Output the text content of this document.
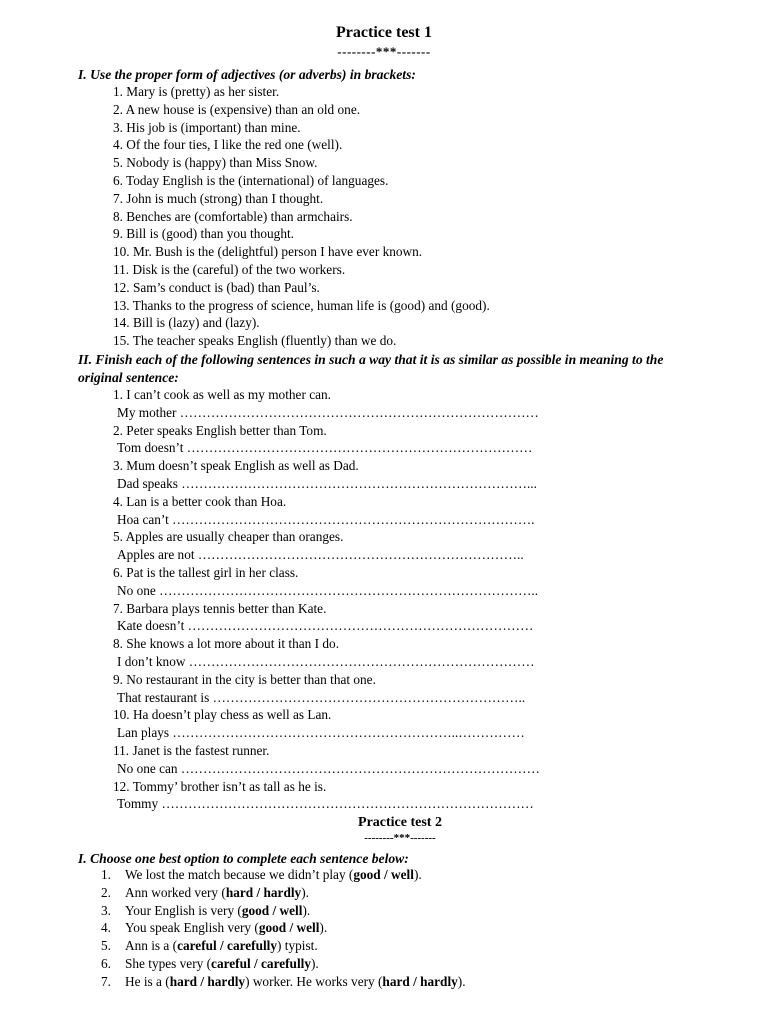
Practice test 1
--------***-------
I. Use the proper form of adjectives (or adverbs) in brackets:
1. Mary is (pretty) as her sister.
2. A new house is (expensive) than an old one.
3. His job is (important) than mine.
4. Of the four ties, I like the red one (well).
5. Nobody is (happy) than Miss Snow.
6. Today English is the (international) of languages.
7. John is much (strong) than I thought.
8. Benches are (comfortable) than armchairs.
9. Bill is (good) than you thought.
10. Mr. Bush is the (delightful) person I have ever known.
11. Disk is the (careful) of the two workers.
12. Sam’s conduct is (bad) than Paul’s.
13. Thanks to the progress of science, human life is (good) and (good).
14. Bill is (lazy) and (lazy).
15. The teacher speaks English (fluently) than we do.
II. Finish each of the following sentences in such a way that it is as similar as possible in meaning to the original sentence:
1. I can’t cook as well as my mother can.
My mother ………………………………………………………………………
2. Peter speaks English better than Tom.
Tom doesn’t ……………………………………………………………………
3. Mum doesn’t speak English as well as Dad.
Dad speaks ……………………………………………………………………...
4. Lan is a better cook than Hoa.
Hoa can’t ……………………………………………………………………….
5. Apples are usually cheaper than oranges.
Apples are not ………………………………………………………………..
6. Pat is the tallest girl in her class.
No one …………………………………………………………………………..
7. Barbara plays tennis better than Kate.
Kate doesn’t ……………………………………………………………………
8. She knows a lot more about it than I do.
I don’t know ……………………………………………………………………
9. No restaurant in the city is better than that one.
That restaurant is ……………………………………………………………..
10. Ha doesn’t play chess as well as Lan.
Lan plays ………………………………………………………..……………
11. Janet is the fastest runner.
No one can ………………………………………………………………………
12. Tommy’ brother isn’t as tall as he is.
Tommy …………………………………………………………………………
Practice test 2
--------***-------
I. Choose one best option to complete each sentence below:
1. We lost the match because we didn’t play (good / well).
2. Ann worked very (hard / hardly).
3. Your English is very (good / well).
4. You speak English very (good / well).
5. Ann is a (careful / carefully) typist.
6. She types very (careful / carefully).
7. He is a (hard / hardly) worker. He works very (hard / hardly).
